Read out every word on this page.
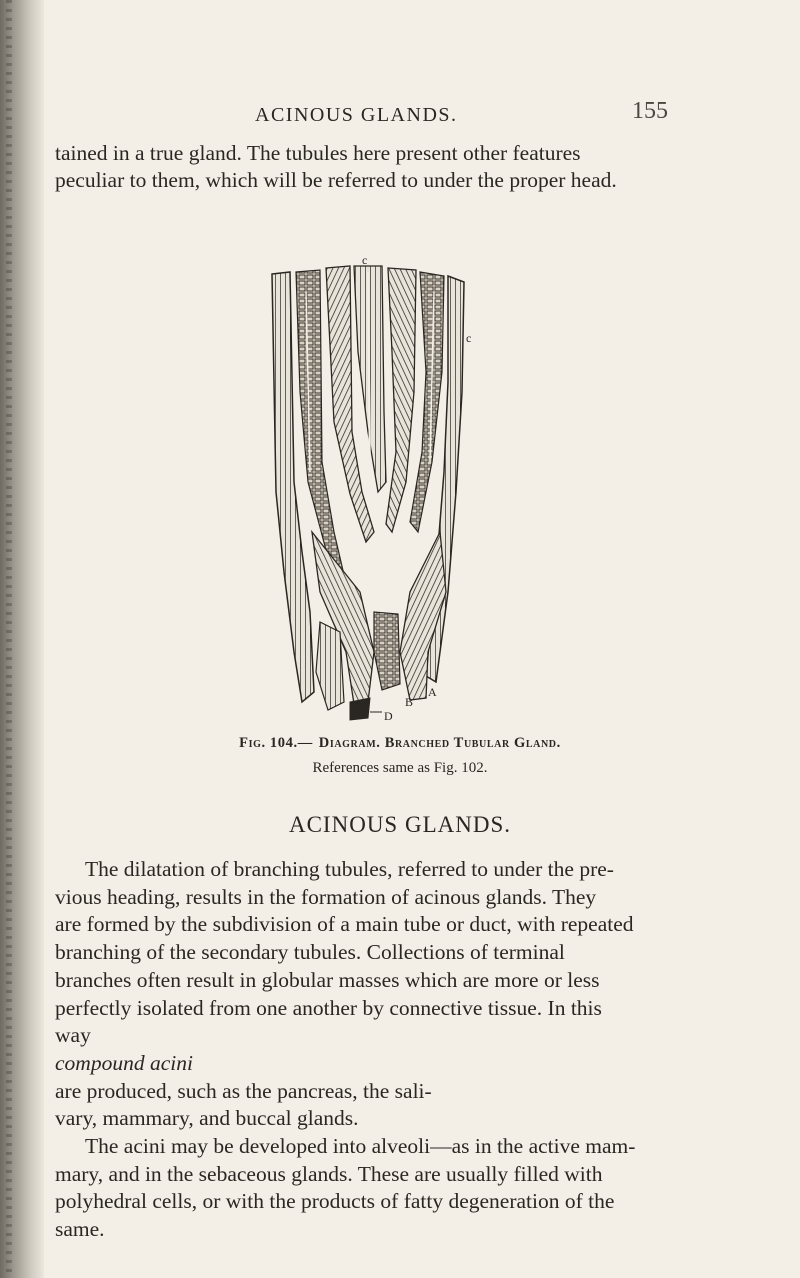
ACINOUS GLANDS.	155

tained in a true gland. The tubules here present other features
peculiar to them, which will be referred to under the proper head.

c
c
D
B
A
Fig. 104.— Diagram. Branched Tubular Gland.
References same as Fig. 102.
ACINOUS GLANDS.

The dilatation of branching tubules, referred to under the pre-
vious heading, results in the formation of acinous glands. They
are formed by the subdivision of a main tube or duct, with repeated
branching of the secondary tubules. Collections of terminal
branches often result in globular masses which are more or less
perfectly isolated from one another by connective tissue. In this
way
compound acini
are produced, such as the pancreas, the sali-
vary, mammary, and buccal glands.
The acini may be developed into alveoli—as in the active mam-
mary, and in the sebaceous glands. These are usually filled with
polyhedral cells, or with the products of fatty degeneration of the
same.
